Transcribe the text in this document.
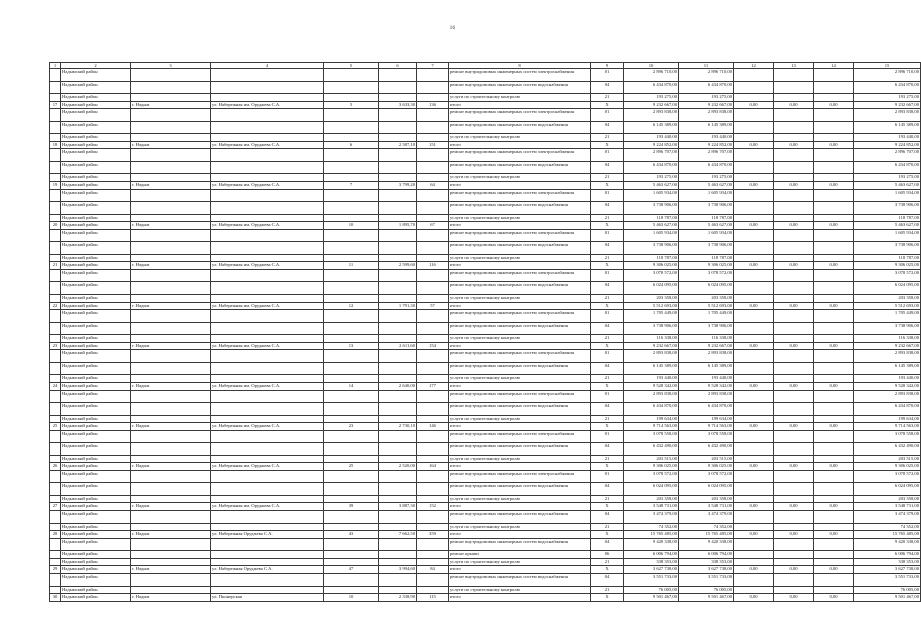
16
1	2	3	4	5	6	7	8	9	10	11	12	13	14	15
	Надымский район						ремонт внутридомовых инженерных систем электроснабжения	01	2 896 710,00	2 896 710,00				2 896 710,00
	Надымский район						ремонт внутридомовых инженерных систем водоснабжения	04	6 434 870,00	6 434 870,00				6 434 870,00
	Надымский район						услуги по строительному контролю	21	193 275,00	193 275,00				193 275,00
17	Надымский район	г. Надым	ул. Набережная им. Оруджева С.А.	5	3 633,30	136	итого	Х	9 232 667,00	9 232 667,00	0,00	0,00	0,00	9 232 667,00
	Надымский район						ремонт внутридомовых инженерных систем электроснабжения	01	2 893 838,00	2 893 838,00				2 893 838,00
	Надымский район						ремонт внутридомовых инженерных систем водоснабжения	04	6 145 389,00	6 145 389,00				6 145 389,00
	Надымский район						услуги по строительному контролю	21	193 440,00	193 440,00				193 440,00
18	Надымский район	г. Надым	ул. Набережная им. Оруджева С.А.	6	2 587,10	151	итого	Х	9 224 852,00	9 224 852,00	0,00	0,00	0,00	9 224 852,00
	Надымский район						ремонт внутридомовых инженерных систем электроснабжения	01	2 896 707,00	2 896 707,00				2 896 707,00
	Надымский район						ремонт внутридомовых инженерных систем водоснабжения	04	6 434 870,00	6 434 870,00				6 434 870,00
	Надымский район						услуги по строительному контролю	21	193 275,00	193 275,00				193 275,00
19	Надымский район	г. Надым	ул. Набережная им. Оруджева С.А.	7	3 799,20	64	итого	Х	5 463 627,00	5 463 627,00	0,00	0,00	0,00	5 463 627,00
	Надымский район						ремонт внутридомовых инженерных систем электроснабжения	01	1 605 934,00	1 605 934,00				1 605 934,00
	Надымский район						ремонт внутридомовых инженерных систем водоснабжения	04	3 738 906,00	3 738 906,00				3 738 906,00
	Надымский район						услуги по строительному контролю	21	118 787,00	118 787,00				118 787,00
20	Надымский район	г. Надым	ул. Набережная им. Оруджева С.А.	10	1 895,70	67	итого	Х	5 463 627,00	5 463 627,00	0,00	0,00	0,00	5 463 627,00
	Надымский район						ремонт внутридомовых инженерных систем электроснабжения	01	1 605 934,00	1 605 934,00				1 605 934,00
	Надымский район						ремонт внутридомовых инженерных систем водоснабжения	04	3 738 906,00	3 738 906,00				3 738 906,00
	Надымский район						услуги по строительному контролю	21	118 787,00	118 787,00				118 787,00
21	Надымский район	г. Надым	ул. Набережная им. Оруджева С.А.	11	2 599,60	116	итого	Х	9 306 025,00	9 306 025,00	0,00	0,00	0,00	9 306 025,00
	Надымский район						ремонт внутридомовых инженерных систем электроснабжения	01	3 078 572,00	3 078 572,00				3 078 572,00
	Надымский район						ремонт внутридомовых инженерных систем водоснабжения	04	6 024 095,00	6 024 095,00				6 024 095,00
	Надымский район						услуги по строительному контролю	21	203 358,00	203 358,00				203 358,00
22	Надымский район	г. Надым	ул. Набережная им. Оруджева С.А.	12	1 791,30	57	итого	Х	5 512 693,00	5 512 693,00	0,00	0,00	0,00	5 512 693,00
	Надымский район						ремонт внутридомовых инженерных систем электроснабжения	01	1 705 449,00	1 705 449,00				1 705 449,00
	Надымский район						ремонт внутридомовых инженерных систем водоснабжения	04	3 738 906,00	3 738 906,00				3 738 906,00
	Надымский район						услуги по строительному контролю	21	116 338,00	116 338,00				116 338,00
23	Надымский район	г. Надым	ул. Набережная им. Оруджева С.А.	13	2 611,60	154	итого	Х	9 232 667,00	9 232 667,00	0,00	0,00	0,00	9 232 667,00
	Надымский район						ремонт внутридомовых инженерных систем электроснабжения	01	2 893 838,00	2 893 838,00				2 893 838,00
	Надымский район						ремонт внутридомовых инженерных систем водоснабжения	04	6 145 389,00	6 145 389,00				6 145 389,00
	Надымский район						услуги по строительному контролю	21	193 440,00	193 440,00				193 440,00
24	Надымский район	г. Надым	ул. Набережная им. Оруджева С.А.	14	2 640,00	177	итого	Х	9 528 342,00	9 528 342,00	0,00	0,00	0,00	9 528 342,00
	Надымский район						ремонт внутридомовых инженерных систем электроснабжения	01	2 893 838,00	2 893 838,00				2 893 838,00
	Надымский район						ремонт внутридомовых инженерных систем водоснабжения	04	6 434 870,00	6 434 870,00				6 434 870,00
	Надымский район						услуги по строительному контролю	21	199 634,00	199 634,00				199 634,00
25	Надымский район	г. Надым	ул. Набережная им. Оруджева С.А.	23	2 730,10	146	итого	Х	9 714 563,00	9 714 563,00	0,00	0,00	0,00	9 714 563,00
	Надымский район						ремонт внутридомовых инженерных систем электроснабжения	01	3 078 558,00	3 078 558,00				3 078 558,00
	Надымский район						ремонт внутридомовых инженерных систем водоснабжения	04	6 432 490,00	6 432 490,00				6 432 490,00
	Надымский район						услуги по строительному контролю	21	203 515,00	203 515,00				203 515,00
26	Надымский район	г. Надым	ул. Набережная им. Оруджева С.А.	25	2 520,00	164	итого	Х	9 306 025,00	9 306 025,00	0,00	0,00	0,00	9 306 025,00
	Надымский район						ремонт внутридомовых инженерных систем электроснабжения	01	3 078 572,00	3 078 572,00				3 078 572,00
	Надымский район						ремонт внутридомовых инженерных систем водоснабжения	04	6 024 095,00	6 024 095,00				6 024 095,00
	Надымский район						услуги по строительному контролю	21	203 358,00	203 358,00				203 358,00
27	Надымский район	г. Надым	ул. Набережная им. Оруджева С.А.	39	3 887,30	152	итого	Х	3 548 731,00	3 548 731,00	0,00	0,00	0,00	3 548 731,00
	Надымский район						ремонт внутридомовых инженерных систем водоснабжения	04	3 474 379,00	3 474 379,00				3 474 379,00
	Надымский район						услуги по строительному контролю	21	74 352,00	74 352,00				74 352,00
28	Надымский район	г. Надым	ул. Набережная Оруджева С.А.	43	7 662,50	359	итого	Х	15 765 485,00	15 765 485,00	0,00	0,00	0,00	15 765 485,00
	Надымский район						ремонт внутридомовых инженерных систем водоснабжения	04	9 420 338,00	9 420 338,00				9 420 338,00
	Надымский район						ремонт крыши	06	6 006 794,00	6 006 794,00				6 006 794,00
	Надымский район						услуги по строительному контролю	21	338 353,00	338 353,00				338 353,00
29	Надымский район	г. Надым	ул. Набережная Оруджева С.А.	47	3 994,60	84	итого	Х	3 627 738,00	3 627 738,00	0,00	0,00	0,00	3 627 738,00
	Надымский район						ремонт внутридомовых инженерных систем водоснабжения	04	3 551 733,00	3 551 733,00				3 551 733,00
	Надымский район						услуги по строительному контролю	21	76 005,00	76 005,00				76 005,00
30	Надымский район	г. Надым	ул. Пионерская	10	2 338,90	115	итого	Х	9 501 467,00	9 501 467,00	0,00	0,00	0,00	9 501 467,00
